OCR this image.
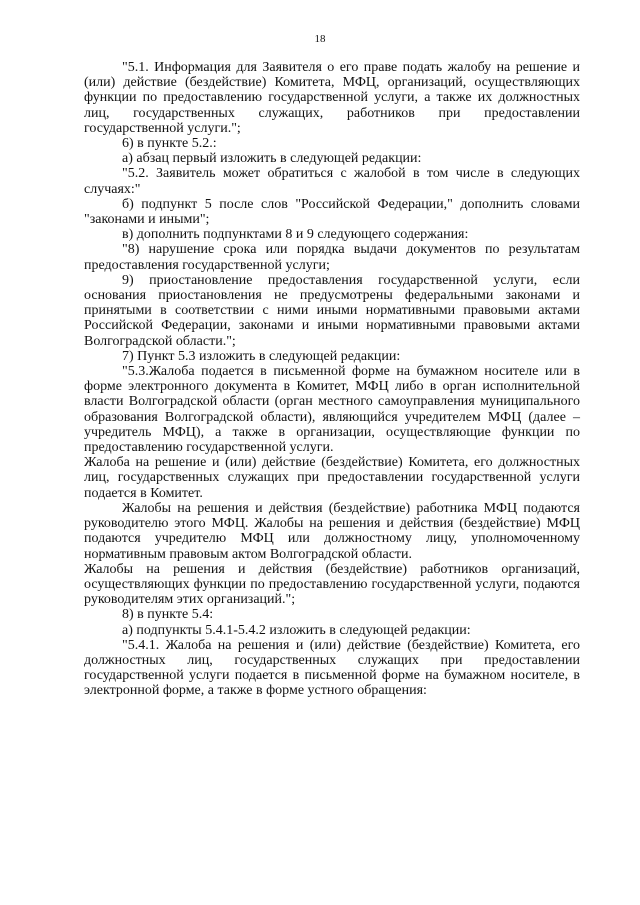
18

"5.1. Информация для Заявителя о его праве подать жалобу на решение и (или) действие (бездействие) Комитета, МФЦ, организаций, осуществляющих функции по предоставлению государственной услуги, а также их должностных лиц, государственных служащих, работников при предоставлении государственной услуги.";

6) в пункте 5.2.:

а) абзац первый изложить в следующей редакции:

"5.2. Заявитель может обратиться с жалобой в том числе в следующих случаях:"

б) подпункт 5 после слов "Российской Федерации," дополнить словами "законами и иными";

в) дополнить подпунктами 8 и 9 следующего содержания:

"8) нарушение срока или порядка выдачи документов по результатам предоставления государственной услуги;

9) приостановление предоставления государственной услуги, если основания приостановления не предусмотрены федеральными законами и принятыми в соответствии с ними иными нормативными правовыми актами Российской Федерации, законами и иными нормативными правовыми актами Волгоградской области.";

7) Пункт 5.3 изложить в следующей редакции:

"5.3.Жалоба подается в письменной форме на бумажном носителе или в форме электронного документа в Комитет, МФЦ либо в орган исполнительной власти Волгоградской области (орган местного самоуправления муниципального образования Волгоградской области), являющийся учредителем МФЦ (далее – учредитель МФЦ), а также в организации, осуществляющие функции по предоставлению государственной услуги.

Жалоба на решение и (или) действие (бездействие) Комитета, его должностных лиц, государственных служащих при предоставлении государственной услуги подается в Комитет.

Жалобы на решения и действия (бездействие) работника МФЦ подаются руководителю этого МФЦ. Жалобы на решения и действия (бездействие) МФЦ подаются учредителю МФЦ или должностному лицу, уполномоченному нормативным правовым актом Волгоградской области.

Жалобы на решения и действия (бездействие) работников организаций, осуществляющих функции по предоставлению государственной услуги, подаются руководителям этих организаций.";

8) в пункте 5.4:

а) подпункты 5.4.1-5.4.2 изложить в следующей редакции:

"5.4.1. Жалоба на решения и (или) действие (бездействие) Комитета, его должностных лиц, государственных служащих при предоставлении государственной услуги подается в письменной форме на бумажном носителе, в электронной форме, а также в форме устного обращения:
